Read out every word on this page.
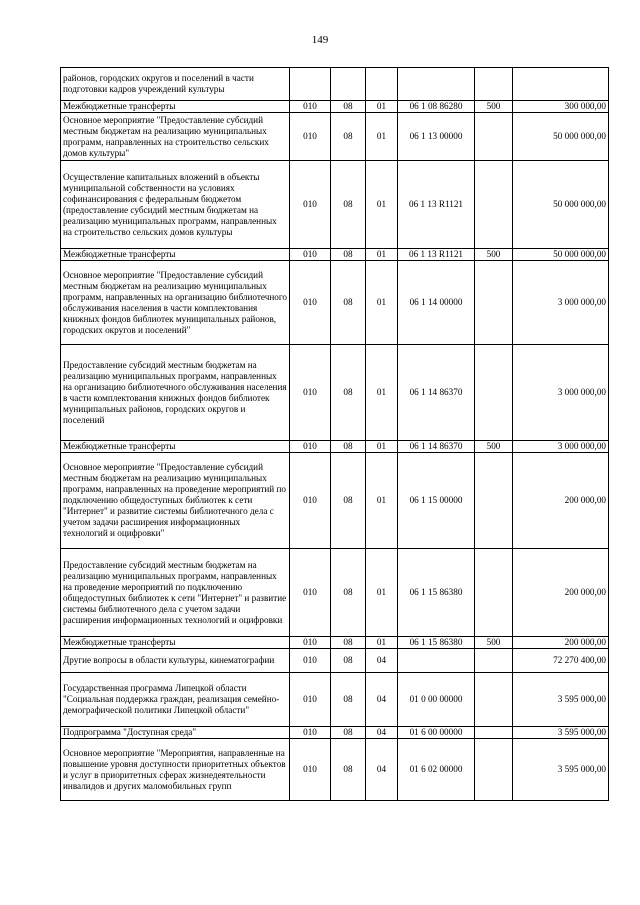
149
районов, городских округов и поселений в части подготовки кадров учреждений культуры						
Межбюджетные трансферты	010	08	01	06 1 08 86280	500	300 000,00
Основное мероприятие "Предоставление субсидий местным бюджетам на реализацию муниципальных программ, направленных на строительство сельских домов культуры"	010	08	01	06 1 13 00000		50 000 000,00
Осуществление капитальных вложений в объекты муниципальной собственности на условиях софинансирования с федеральным бюджетом (предоставление субсидий местным бюджетам на реализацию муниципальных программ, направленных на строительство сельских домов культуры	010	08	01	06 1 13 R1121		50 000 000,00
Межбюджетные трансферты	010	08	01	06 1 13 R1121	500	50 000 000,00
Основное мероприятие "Предоставление субсидий местным бюджетам на реализацию муниципальных программ, направленных на организацию библиотечного обслуживания населения в части комплектования книжных фондов библиотек муниципальных районов, городских округов и поселений"	010	08	01	06 1 14 00000		3 000 000,00
Предоставление субсидий местным бюджетам на реализацию муниципальных программ, направленных на организацию библиотечного обслуживания населения в части комплектования книжных фондов библиотек муниципальных районов, городских округов и поселений	010	08	01	06 1 14 86370		3 000 000,00
Межбюджетные трансферты	010	08	01	06 1 14 86370	500	3 000 000,00
Основное мероприятие "Предоставление субсидий местным бюджетам на реализацию муниципальных программ, направленных на проведение мероприятий по подключению общедоступных библиотек к сети "Интернет" и развитие системы библиотечного дела с учетом задачи расширения информационных технологий и оцифровки"	010	08	01	06 1 15 00000		200 000,00
Предоставление субсидий местным бюджетам на реализацию муниципальных программ, направленных на проведение мероприятий по подключению общедоступных библиотек к сети "Интернет" и развитие системы библиотечного дела с учетом задачи расширения информационных технологий и оцифровки	010	08	01	06 1 15 86380		200 000,00
Межбюджетные трансферты	010	08	01	06 1 15 86380	500	200 000,00
Другие вопросы в области культуры, кинематографии	010	08	04			72 270 400,00
Государственная программа Липецкой области "Социальная поддержка граждан, реализация семейно-демографической политики Липецкой области"	010	08	04	01 0 00 00000		3 595 000,00
Подпрограмма "Доступная среда"	010	08	04	01 6 00 00000		3 595 000,00
Основное мероприятие "Мероприятия, направленные на повышение уровня доступности приоритетных объектов и услуг в приоритетных сферах жизнедеятельности инвалидов и других маломобильных групп	010	08	04	01 6 02 00000		3 595 000,00
